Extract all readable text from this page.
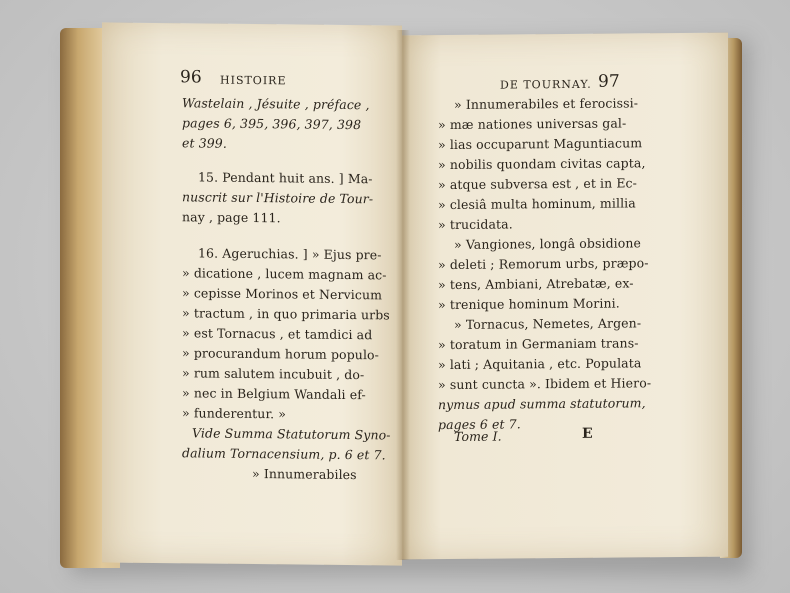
96 HISTOIRE
Wastelain , Jésuite , préface ,
pages 6, 395, 396, 397, 398
et 399.
15. Pendant huit ans. ] Ma-
nuscrit sur l'Histoire de Tour-
nay , page 111.
16. Ageruchias. ] » Ejus pre-
» dicatione , lucem magnam ac-
» cepisse Morinos et Nervicum
» tractum , in quo primaria urbs
» est Tornacus , et tamdici ad
» procurandum horum populo-
» rum salutem incubuit , do-
» nec in Belgium Wandali ef-
» funderentur. »
Vide Summa Statutorum Syno-
dalium Tornacensium, p. 6 et 7.
» Innumerabiles
DE TOURNAY. 97
» Innumerabiles et ferocissi-
» mæ nationes universas gal-
» lias occuparunt Maguntiacum
» nobilis quondam civitas capta,
» atque subversa est , et in Ec-
» clesiâ multa hominum, millia
» trucidata.
» Vangiones, longâ obsidione
» deleti ; Remorum urbs, præpo-
» tens, Ambiani, Atrebatæ, ex-
» trenique hominum Morini.
» Tornacus, Nemetes, Argen-
» toratum in Germaniam trans-
» lati ; Aquitania , etc. Populata
» sunt cuncta ». Ibidem et Hiero-
nymus apud summa statutorum,
pages 6 et 7.
Tome I.	E
